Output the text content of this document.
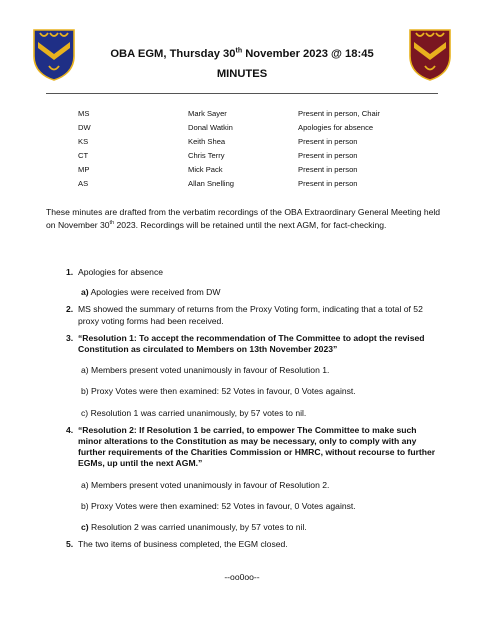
OBA EGM, Thursday 30th November 2023 @ 18:45
MINUTES
MS	Mark Sayer	Present in person, Chair
DW	Donal Watkin	Apologies for absence
KS	Keith Shea	Present in person
CT	Chris Terry	Present in person
MP	Mick Pack	Present in person
AS	Allan Snelling	Present in person
These minutes are drafted from the verbatim recordings of the OBA Extraordinary General Meeting held on November 30th 2023. Recordings will be retained until the next AGM, for fact-checking.
1. Apologies for absence
a) Apologies were received from DW
2. MS showed the summary of returns from the Proxy Voting form, indicating that a total of 52 proxy voting forms had been received.
3. “Resolution 1: To accept the recommendation of The Committee to adopt the revised Constitution as circulated to Members on 13th November 2023”
a) Members present voted unanimously in favour of Resolution 1.
b) Proxy Votes were then examined: 52 Votes in favour, 0 Votes against.
c) Resolution 1 was carried unanimously, by 57 votes to nil.
4. “Resolution 2: If Resolution 1 be carried, to empower The Committee to make such minor alterations to the Constitution as may be necessary, only to comply with any further requirements of the Charities Commission or HMRC, without recourse to further EGMs, up until the next AGM.”
a) Members present voted unanimously in favour of Resolution 2.
b) Proxy Votes were then examined: 52 Votes in favour, 0 Votes against.
c) Resolution 2 was carried unanimously, by 57 votes to nil.
5. The two items of business completed, the EGM closed.
--oo0oo--
